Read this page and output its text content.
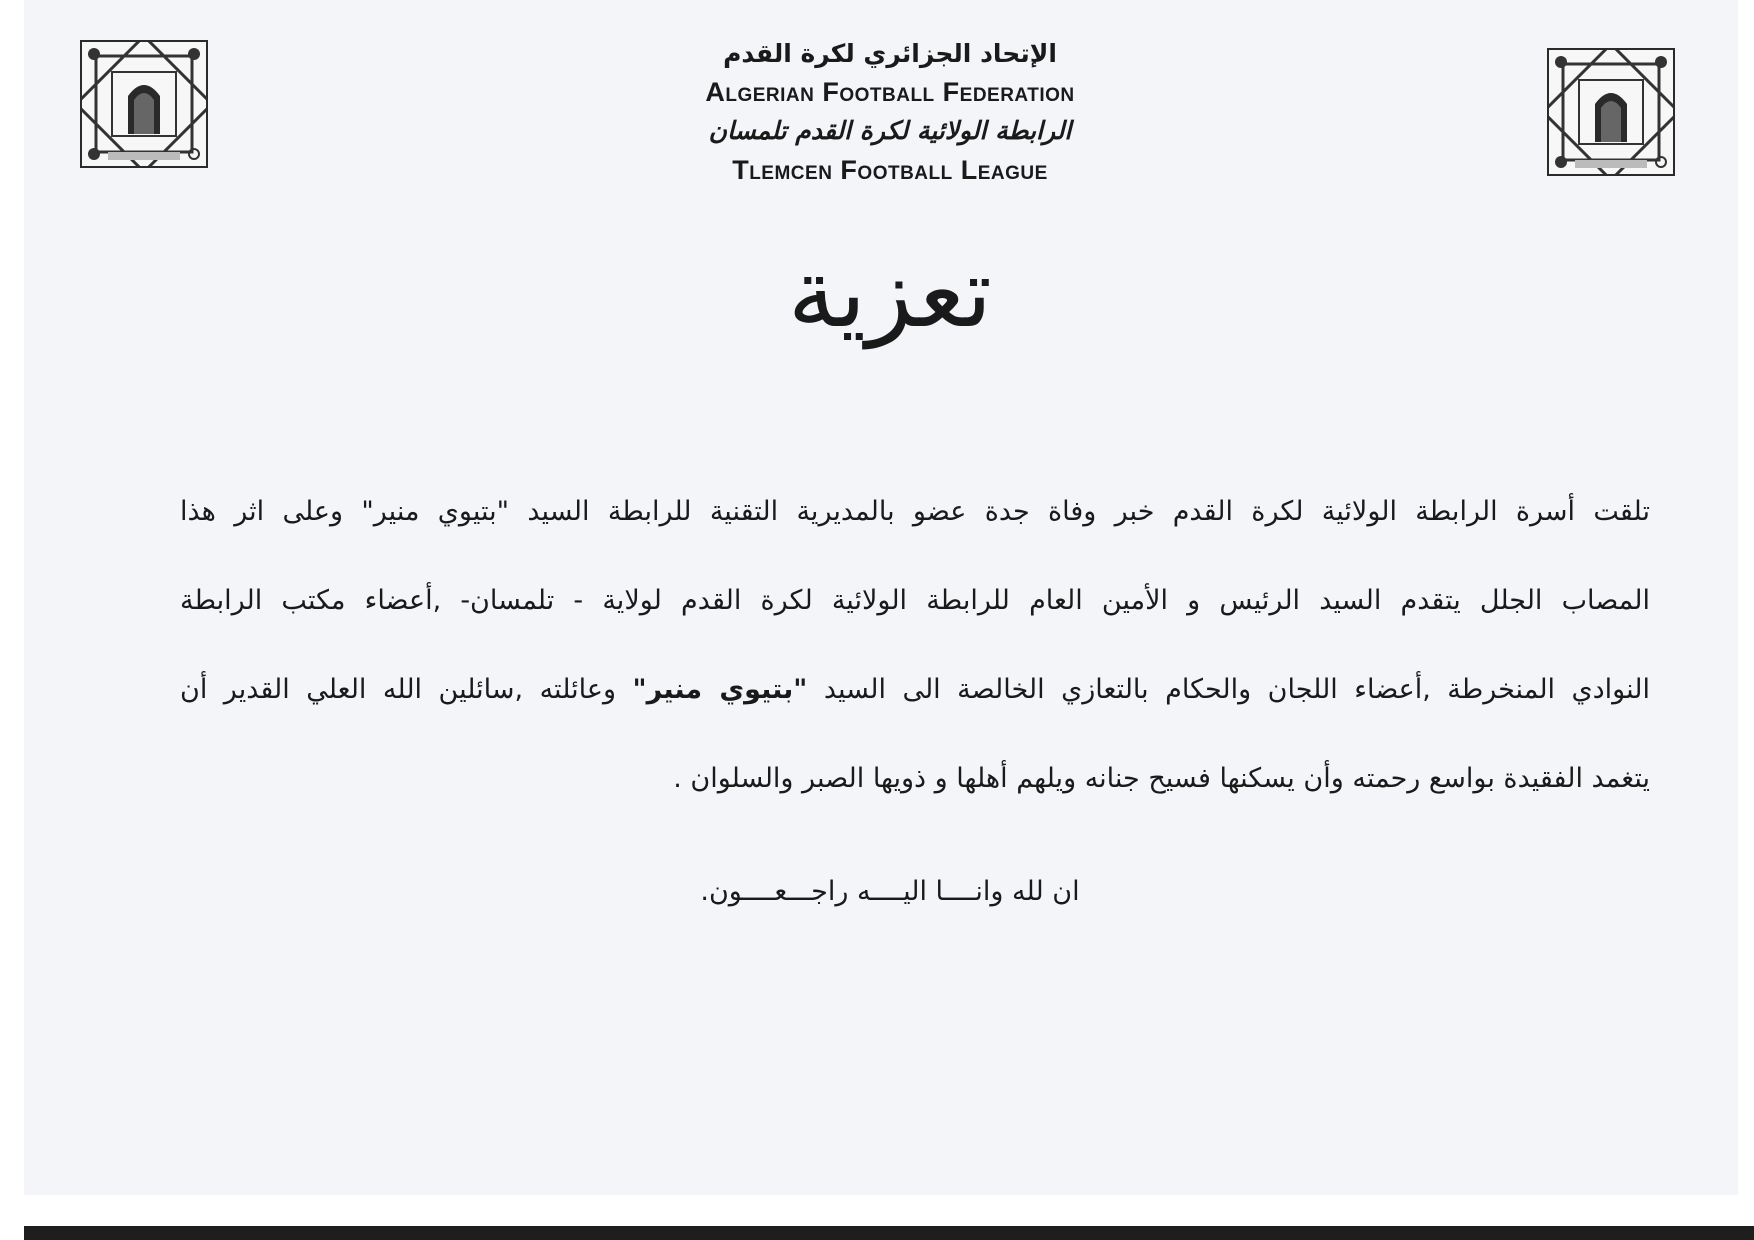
الإتحاد الجزائري لكرة القدم
Algerian Football Federation
الرابطة الولائية لكرة القدم تلمسان
Tlemcen Football League
تعزية
تلقت أسرة الرابطة الولائية لكرة القدم خبر وفاة جدة عضو بالمديرية التقنية للرابطة السيد "بتيوي منير" وعلى اثر هذا
المصاب الجلل يتقدم السيد الرئيس و الأمين العام للرابطة الولائية لكرة القدم لولاية - تلمسان- ,أعضاء مكتب الرابطة
النوادي المنخرطة ,أعضاء اللجان والحكام بالتعازي الخالصة الى السيد "بتيوي منير" وعائلته ,سائلين الله العلي القدير أن
يتغمد الفقيدة بواسع رحمته وأن يسكنها فسيح جنانه ويلهم أهلها و ذويها الصبر والسلوان .
ان لله وانــــا اليــــه راجـــعــــون.
